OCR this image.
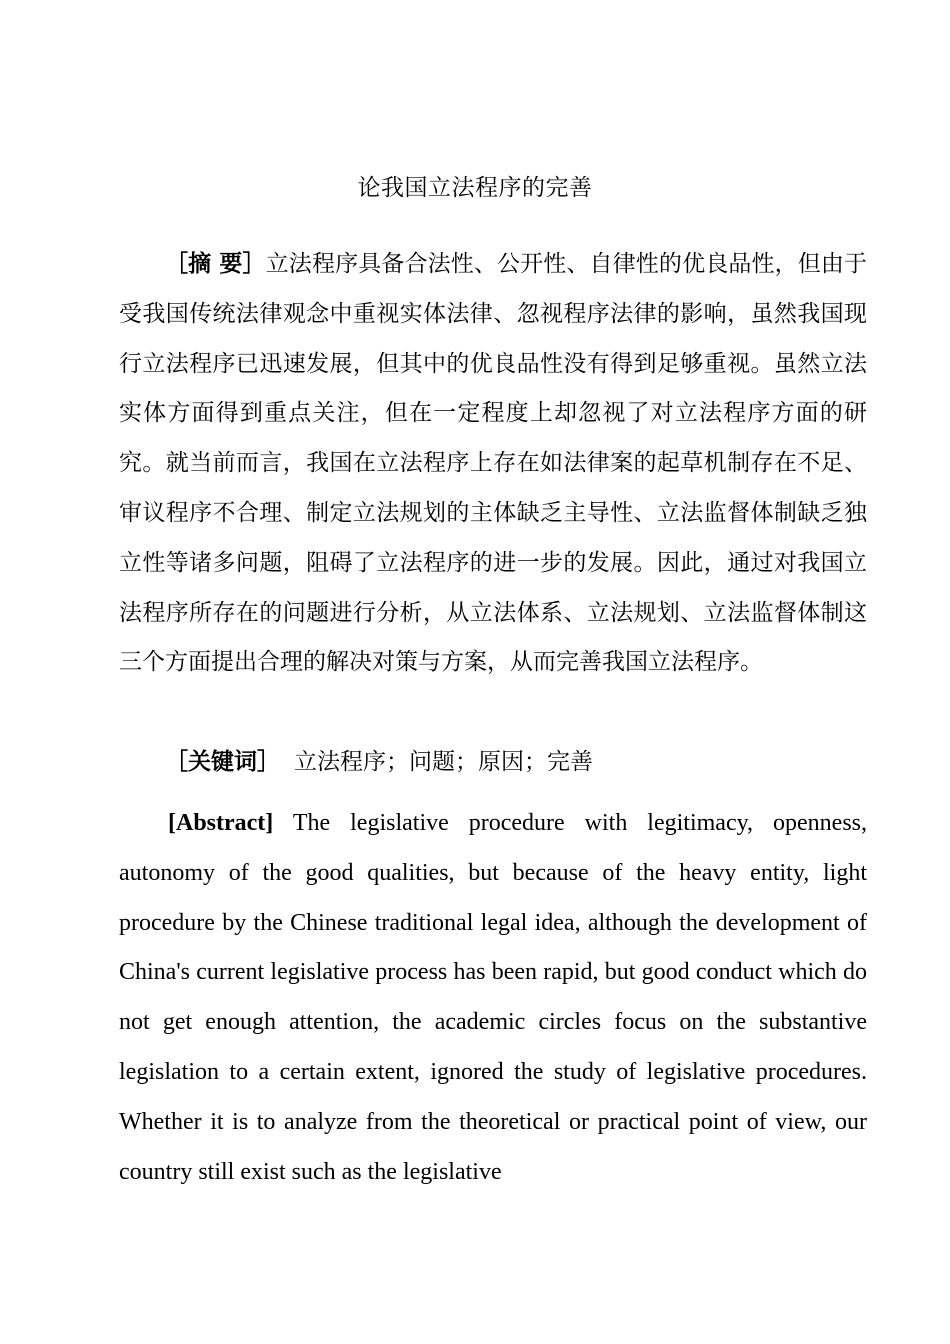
论我国立法程序的完善

［摘 要］立法程序具备合法性、公开性、自律性的优良品性，但由于受我国传统法律观念中重视实体法律、忽视程序法律的影响，虽然我国现行立法程序已迅速发展，但其中的优良品性没有得到足够重视。虽然立法实体方面得到重点关注，但在一定程度上却忽视了对立法程序方面的研究。就当前而言，我国在立法程序上存在如法律案的起草机制存在不足、审议程序不合理、制定立法规划的主体缺乏主导性、立法监督体制缺乏独立性等诸多问题，阻碍了立法程序的进一步的发展。因此，通过对我国立法程序所存在的问题进行分析，从立法体系、立法规划、立法监督体制这三个方面提出合理的解决对策与方案，从而完善我国立法程序。

［关键词］ 立法程序；问题；原因；完善

[Abstract] The legislative procedure with legitimacy, openness, autonomy of the good qualities, but because of the heavy entity, light procedure by the Chinese traditional legal idea, although the development of China's current legislative process has been rapid, but good conduct which do not get enough attention, the academic circles focus on the substantive legislation to a certain extent, ignored the study of legislative procedures. Whether it is to analyze from the theoretical or practical point of view, our country still exist such as the legislative
